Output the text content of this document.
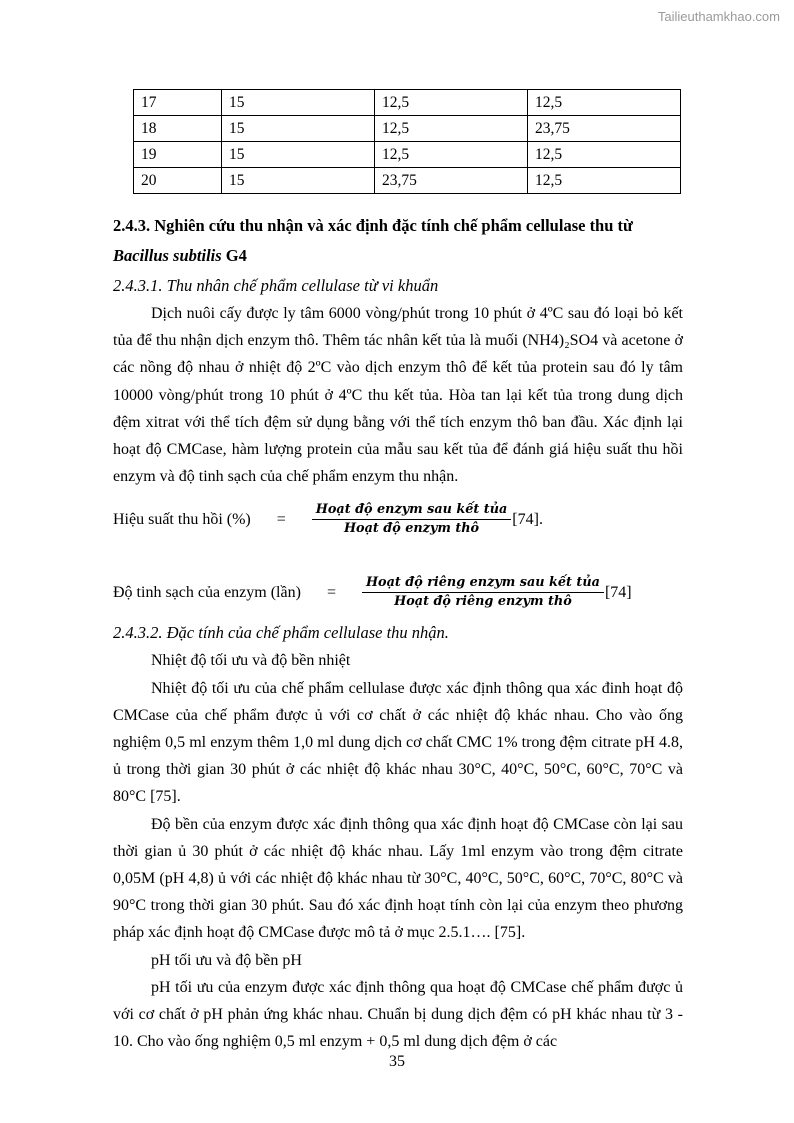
Tailieuthamkhao.com
17	15	12,5	12,5
18	15	12,5	23,75
19	15	12,5	12,5
20	15	23,75	12,5
2.4.3. Nghiên cứu thu nhận và xác định đặc tính chế phẩm cellulase thu từ
Bacillus subtilis G4

2.4.3.1. Thu nhân chế phẩm cellulase từ vi khuẩn

Dịch nuôi cấy được ly tâm 6000 vòng/phút trong 10 phút ở 4ºC sau đó loại bỏ kết tủa để thu nhận dịch enzym thô. Thêm tác nhân kết tủa là muối (NH4)₂SO4 và acetone ở các nồng độ nhau ở nhiệt độ 2ºC vào dịch enzym thô để kết tủa protein sau đó ly tâm 10000 vòng/phút trong 10 phút ở 4ºC thu kết tủa. Hòa tan lại kết tủa trong dung dịch đệm xitrat với thể tích đệm sử dụng bằng với thể tích enzym thô ban đầu. Xác định lại hoạt độ CMCase, hàm lượng protein của mẫu sau kết tủa để đánh giá hiệu suất thu hồi enzym và độ tinh sạch của chế phẩm enzym thu nhận.

Hiệu suất thu hồi (%) = $\frac{\text{Hoạt độ enzym sau kết tủa}}{\text{Hoạt độ enzym thô}} [74]$.
Độ tinh sạch của enzym (lần) = $\frac{\text{Hoạt độ riêng enzym sau kết tủa}}{\text{Hoạt độ riêng enzym thô}} [74]$

2.4.3.2. Đặc tính của chế phẩm cellulase thu nhận.

Nhiệt độ tối ưu và độ bền nhiệt

Nhiệt độ tối ưu của chế phẩm cellulase được xác định thông qua xác đinh hoạt độ CMCase của chế phẩm được ủ với cơ chất ở các nhiệt độ khác nhau. Cho vào ống nghiệm 0,5 ml enzym thêm 1,0 ml dung dịch cơ chất CMC 1% trong đệm citrate pH 4.8, ủ trong thời gian 30 phút ở các nhiệt độ khác nhau 30°C, 40°C, 50°C, 60°C, 70°C và 80°C [75].

Độ bền của enzym được xác định thông qua xác định hoạt độ CMCase còn lại sau thời gian ủ 30 phút ở các nhiệt độ khác nhau. Lấy 1ml enzym vào trong đệm citrate 0,05M (pH 4,8) ủ với các nhiệt độ khác nhau từ 30°C, 40°C, 50°C, 60°C, 70°C, 80°C và 90°C trong thời gian 30 phút. Sau đó xác định hoạt tính còn lại của enzym theo phương pháp xác định hoạt độ CMCase được mô tả ở mục 2.5.1…. [75].

pH tối ưu và độ bền pH

pH tối ưu của enzym được xác định thông qua hoạt độ CMCase chế phẩm được ủ với cơ chất ở pH phản ứng khác nhau. Chuẩn bị dung dịch đệm có pH khác nhau từ 3 - 10. Cho vào ống nghiệm 0,5 ml enzym + 0,5 ml dung dịch đệm ở các

35
